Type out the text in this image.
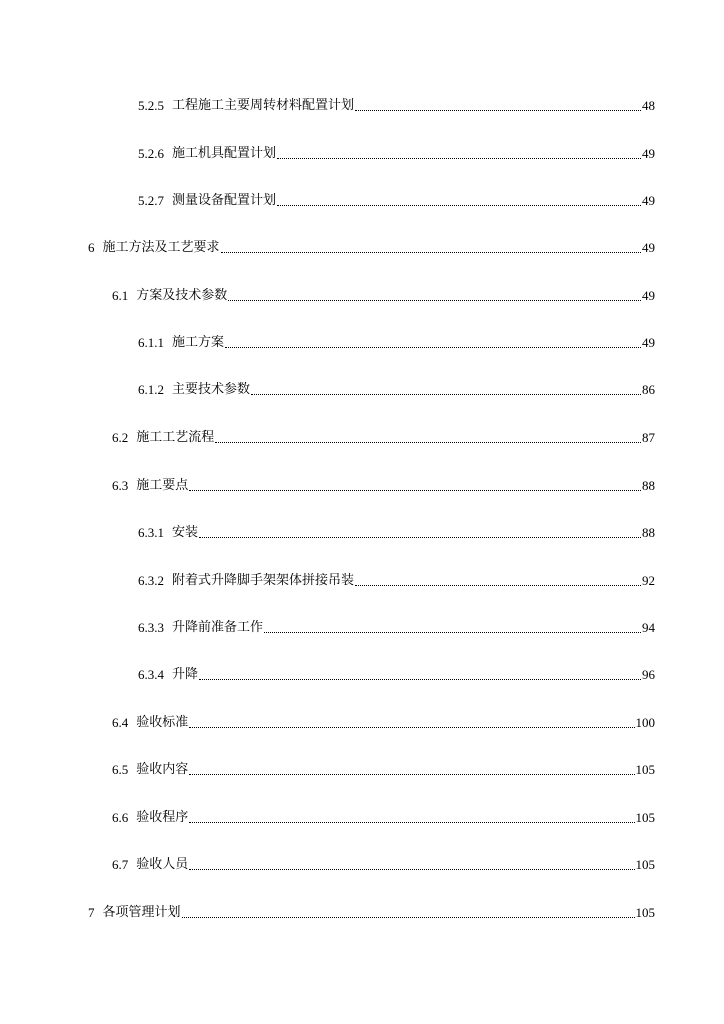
5.2.5 工程施工主要周转材料配置计划	48
5.2.6 施工机具配置计划	49
5.2.7 测量设备配置计划	49
6 施工方法及工艺要求	49
6.1 方案及技术参数	49
6.1.1 施工方案	49
6.1.2 主要技术参数	86
6.2 施工工艺流程	87
6.3 施工要点	88
6.3.1 安装	88
6.3.2 附着式升降脚手架架体拼接吊装	92
6.3.3 升降前准备工作	94
6.3.4 升降	96
6.4 验收标准	100
6.5 验收内容	105
6.6 验收程序	105
6.7 验收人员	105
7 各项管理计划	105
